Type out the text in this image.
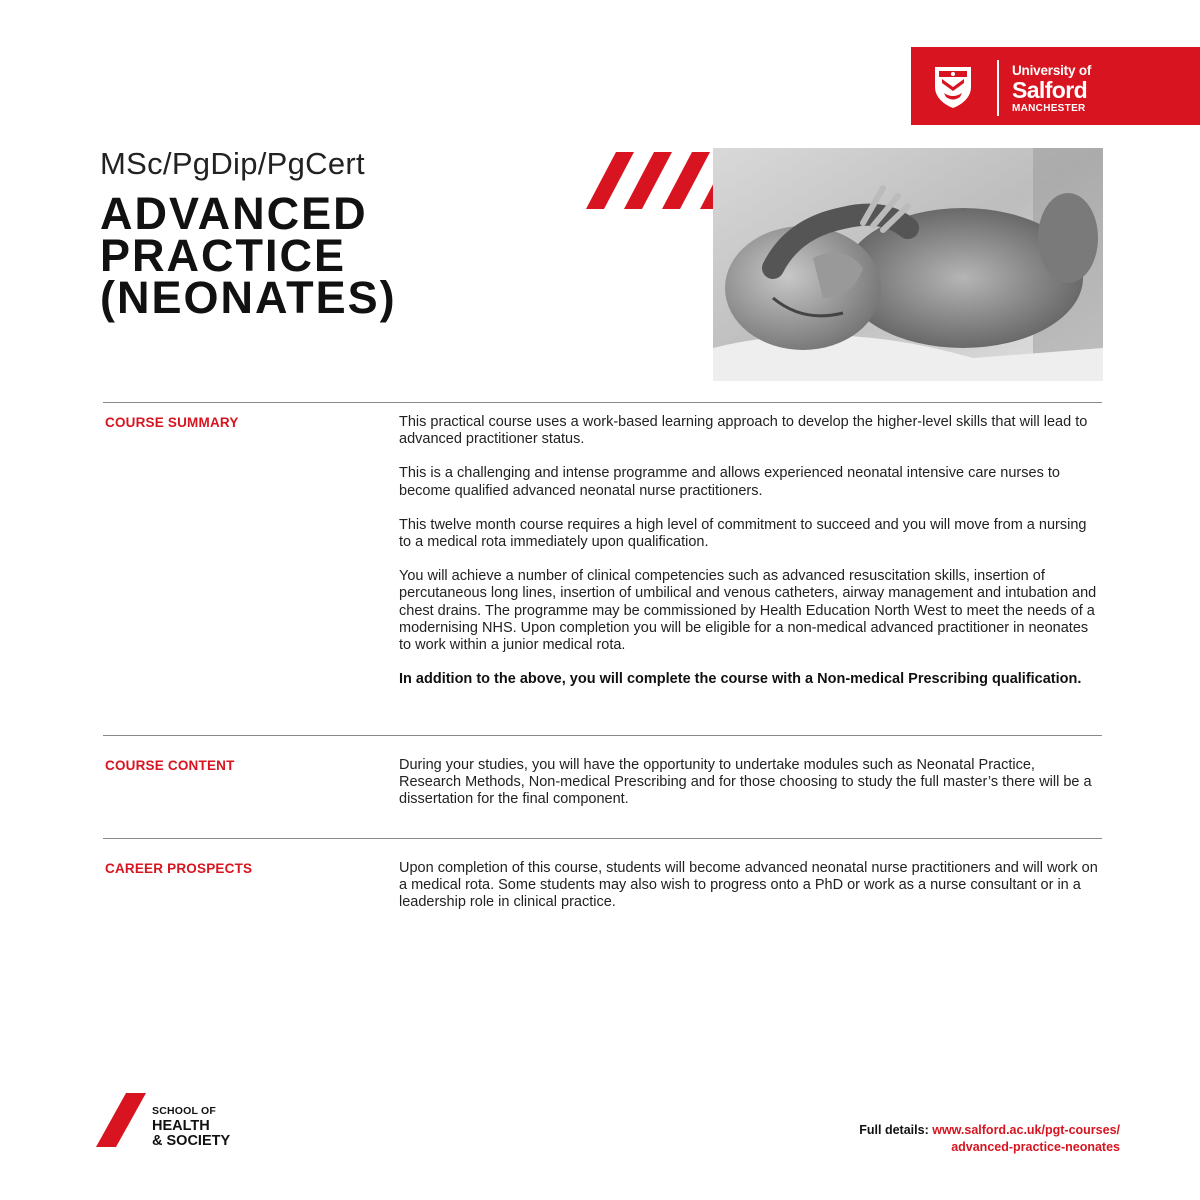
University of
Salford
MANCHESTER
MSc/PgDip/PgCert
ADVANCED
PRACTICE
(NEONATES)
COURSE SUMMARY	This practical course uses a work-based learning approach to develop the higher-level skills that will lead to advanced practitioner status.

This is a challenging and intense programme and allows experienced neonatal intensive care nurses to become qualified advanced neonatal nurse practitioners.

This twelve month course requires a high level of commitment to succeed and you will move from a nursing to a medical rota immediately upon qualification.

You will achieve a number of clinical competencies such as advanced resuscitation skills, insertion of percutaneous long lines, insertion of umbilical and venous catheters, airway management and intubation and chest drains. The programme may be commissioned by Health Education North West to meet the needs of a modernising NHS. Upon completion you will be eligible for a non-medical advanced practitioner in neonates to work within a junior medical rota.

In addition to the above, you will complete the course with a Non-medical Prescribing qualification.

COURSE CONTENT	During your studies, you will have the opportunity to undertake modules such as Neonatal Practice, Research Methods, Non-medical Prescribing and for those choosing to study the full master’s there will be a dissertation for the final component.

CAREER PROSPECTS	Upon completion of this course, students will become advanced neonatal nurse practitioners and will work on a medical rota. Some students may also wish to progress onto a PhD or work as a nurse consultant or in a leadership role in clinical practice.

SCHOOL OF
HEALTH
& SOCIETY
Full details: www.salford.ac.uk/pgt-courses/
advanced-practice-neonates
